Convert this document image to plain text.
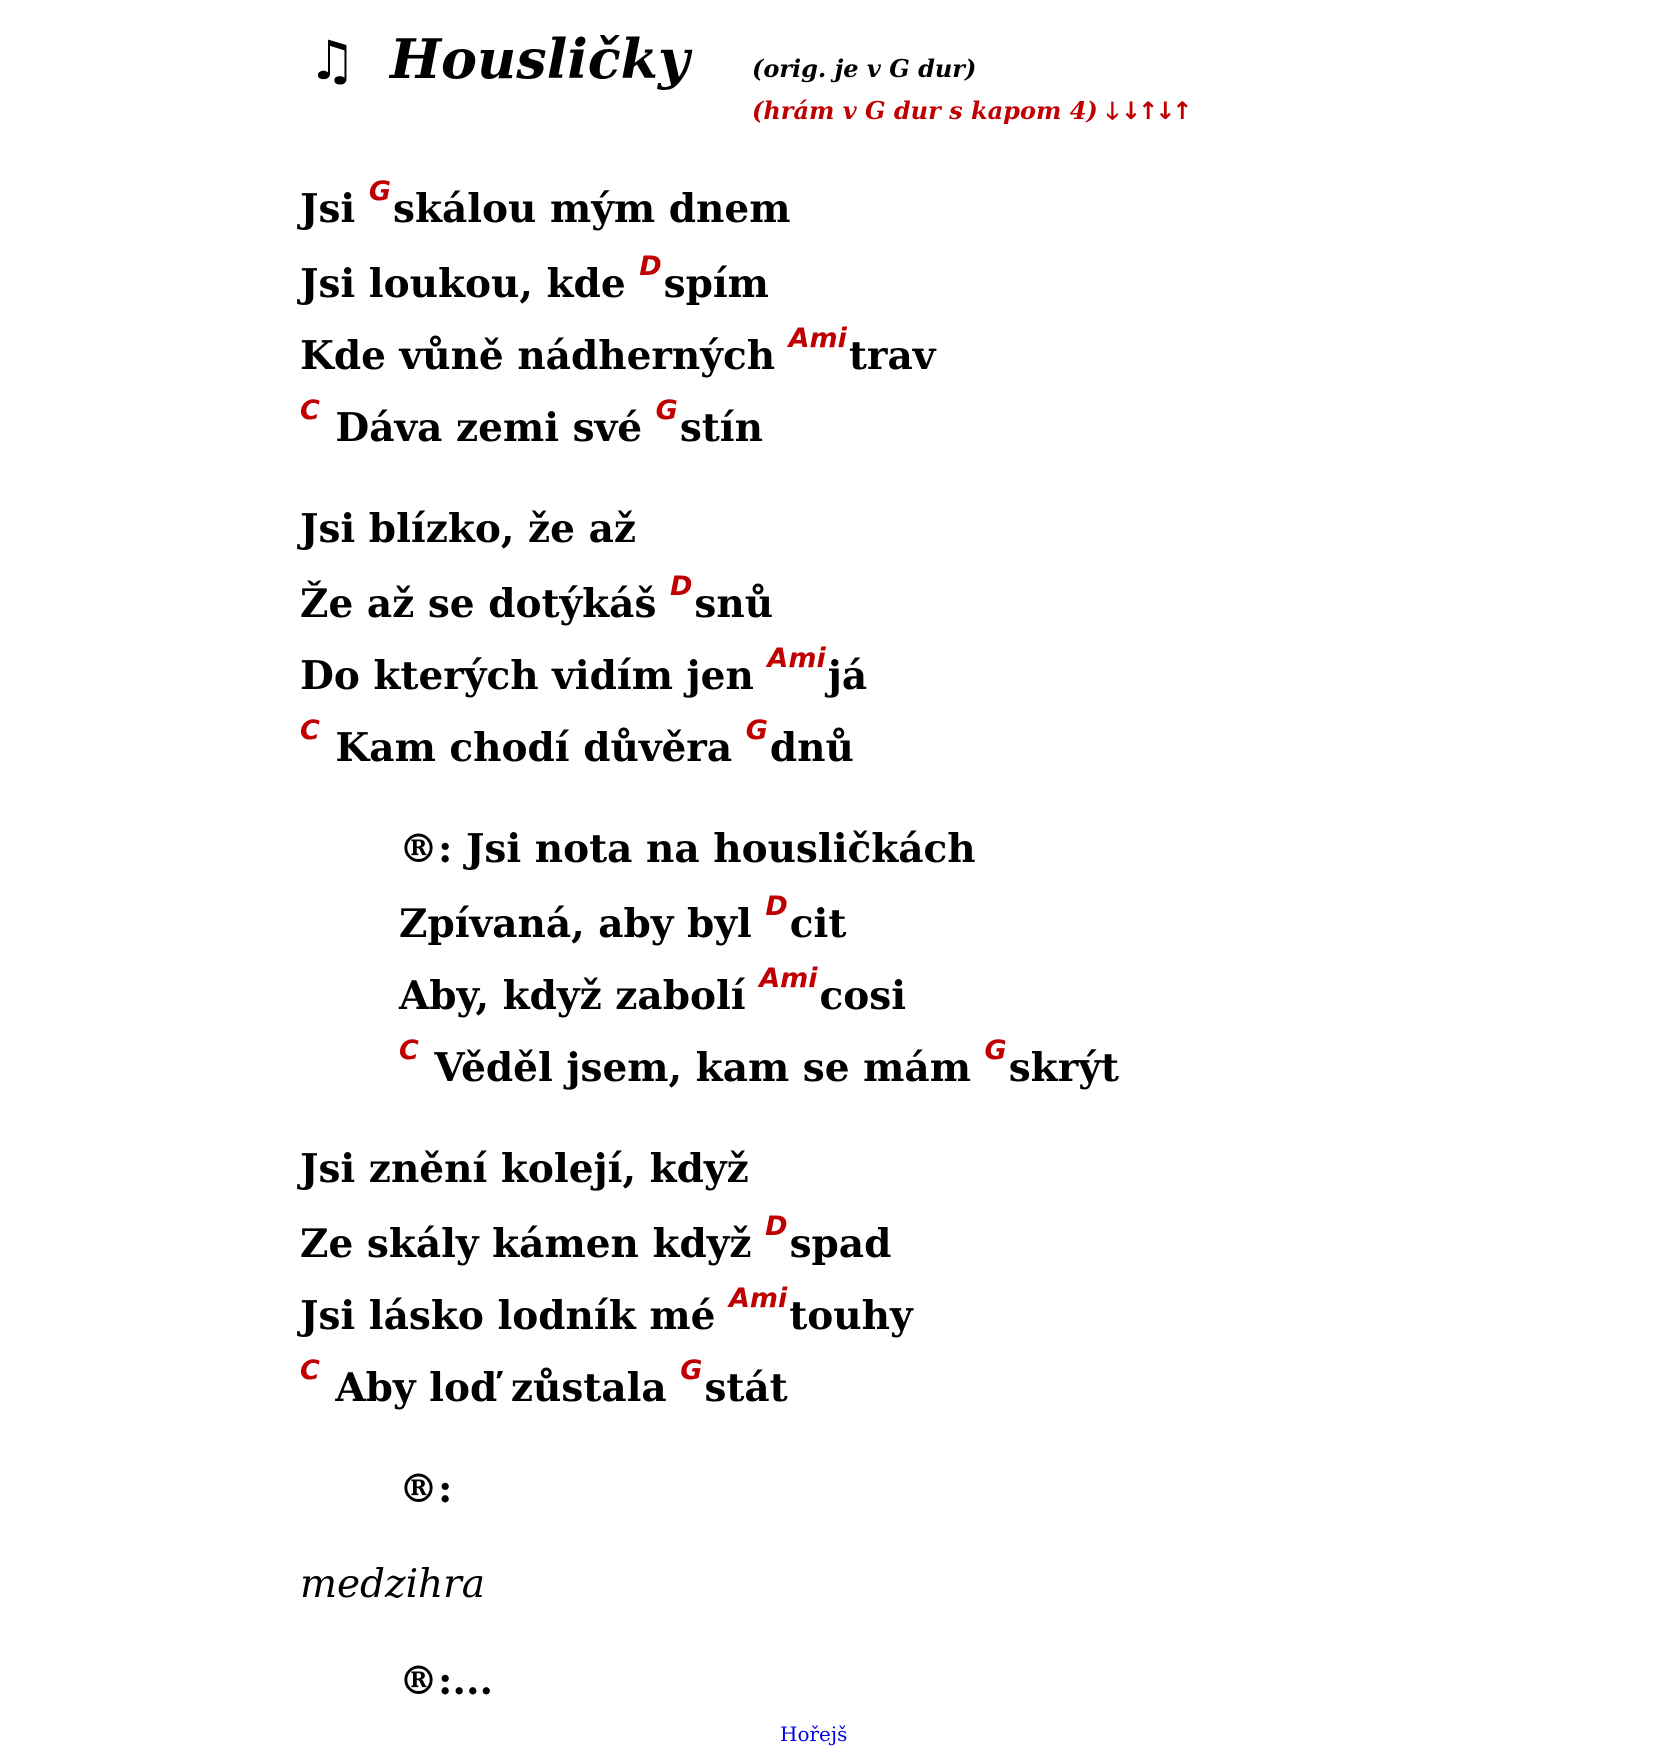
♫ Housličky	(orig. je v G dur)
(hrám v G dur s kapom 4) 🡓 ↓↑↓↑
Jsi $^G$skálou mým dnem
Jsi loukou, kde $^D$spím
Kde vůně nádherných $^{Ami}$trav
$^C$ Dáva zemi své $^G$stín
Jsi blízko, že až
Že až se dotýkáš $^D$snů
Do kterých vidím jen $^{Ami}$já
$^C$ Kam chodí důvěra $^G$dnů
®: Jsi nota na housličkách
Zpívaná, aby byl $^D$cit
Aby, když zabolí $^{Ami}$cosi
$^C$ Věděl jsem, kam se mám $^G$skrýt
Jsi znění kolejí, když
Ze skály kámen když $^D$spad
Jsi lásko lodník mé $^{Ami}$touhy
$^C$ Aby loď zůstala $^G$stát
®:
medzihra
®:...
Hořejš
